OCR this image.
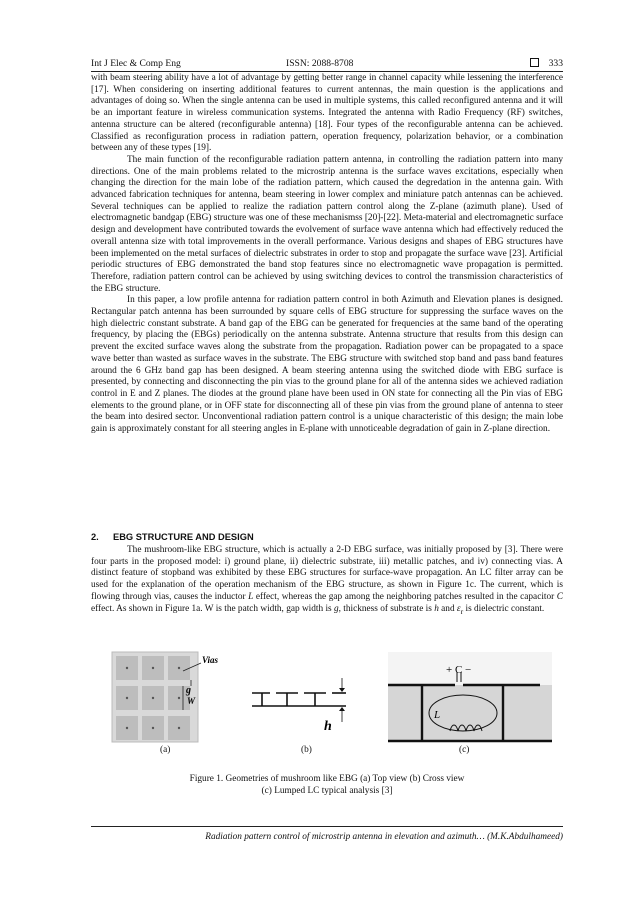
Int J Elec & Comp Eng	ISSN: 2088-8708	333

with beam steering ability have a lot of advantage by getting better range in channel capacity while lessening the interference [17]. When considering on inserting additional features to current antennas, the main question is the applications and advantages of doing so. When the single antenna can be used in multiple systems, this called reconfigured antenna and it will be an important feature in wireless communication systems. Integrated the antenna with Radio Frequency (RF) switches, antenna structure can be altered (reconfigurable antenna) [18]. Four types of the reconfigurable antenna can be achieved. Classified as reconfiguration process in radiation pattern, operation frequency, polarization behavior, or a combination between any of these types [19].

The main function of the reconfigurable radiation pattern antenna, in controlling the radiation pattern into many directions. One of the main problems related to the microstrip antenna is the surface waves excitations, especially when changing the direction for the main lobe of the radiation pattern, which caused the degredation in the antenna gain. With advanced fabrication techniques for antenna, beam steering in lower complex and miniature patch antennas can be achieved. Several techniques can be applied to realize the radiation pattern control along the Z-plane (azimuth plane). Used of electromagnetic bandgap (EBG) structure was one of these mechanismss [20]-[22]. Meta-material and electromagnetic surface design and development have contributed towards the evolvement of surface wave antenna which had effectively reduced the overall antenna size with total improvements in the overall performance. Various designs and shapes of EBG structures have been implemented on the metal surfaces of dielectric substrates in order to stop and propagate the surface wave [23]. Artificial periodic structures of EBG demonstrated the band stop features since no electromagnetic wave propagation is permitted. Therefore, radiation pattern control can be achieved by using switching devices to control the transmission characteristics of the EBG structure.

In this paper, a low profile antenna for radiation pattern control in both Azimuth and Elevation planes is designed. Rectangular patch antenna has been surrounded by square cells of EBG structure for suppressing the surface waves on the high dielectric constant substrate. A band gap of the EBG can be generated for frequencies at the same band of the operating frequency, by placing the (EBGs) periodically on the antenna substrate. Antenna structure that results from this design can prevent the excited surface waves along the substrate from the propagation. Radiation power can be propagated to a space wave better than wasted as surface waves in the substrate. The EBG structure with switched stop band and pass band features around the 6 GHz band gap has been designed. A beam steering antenna using the switched diode with EBG surface is presented, by connecting and disconnecting the pin vias to the ground plane for all of the antenna sides we achieved radiation control in E and Z planes. The diodes at the ground plane have been used in ON state for connecting all the Pin vias of EBG elements to the ground plane, or in OFF state for disconnecting all of these pin vias from the ground plane of antenna to steer the beam into desired sector. Unconventional radiation pattern control is a unique characteristic of this design; the main lobe gain is approximately constant for all steering angles in E-plane with unnoticeable degradation of gain in Z-plane direction.

2. EBG STRUCTURE AND DESIGN

The mushroom-like EBG structure, which is actually a 2-D EBG surface, was initially proposed by [3]. There were four parts in the proposed model: i) ground plane, ii) dielectric substrate, iii) metallic patches, and iv) connecting vias. A distinct feature of stopband was exhibited by these EBG structures for surface-wave propagation. An LC filter array can be used for the explanation of the operation mechanism of the EBG structure, as shown in Figure 1c. The current, which is flowing through vias, causes the inductor L effect, whereas the gap among the neighboring patches resulted in the capacitor C effect. As shown in Figure 1a. W is the patch width, gap width is g, thickness of substrate is h and $\varepsilon_r$ is dielectric constant.

Vias
g
W
h
+ C −
L
(a)	(b)	(c)
Figure 1. Geometries of mushroom like EBG (a) Top view (b) Cross view
(c) Lumped LC typical analysis [3]
Radiation pattern control of microstrip antenna in elevation and azimuth… (M.K.Abdulhameed)
